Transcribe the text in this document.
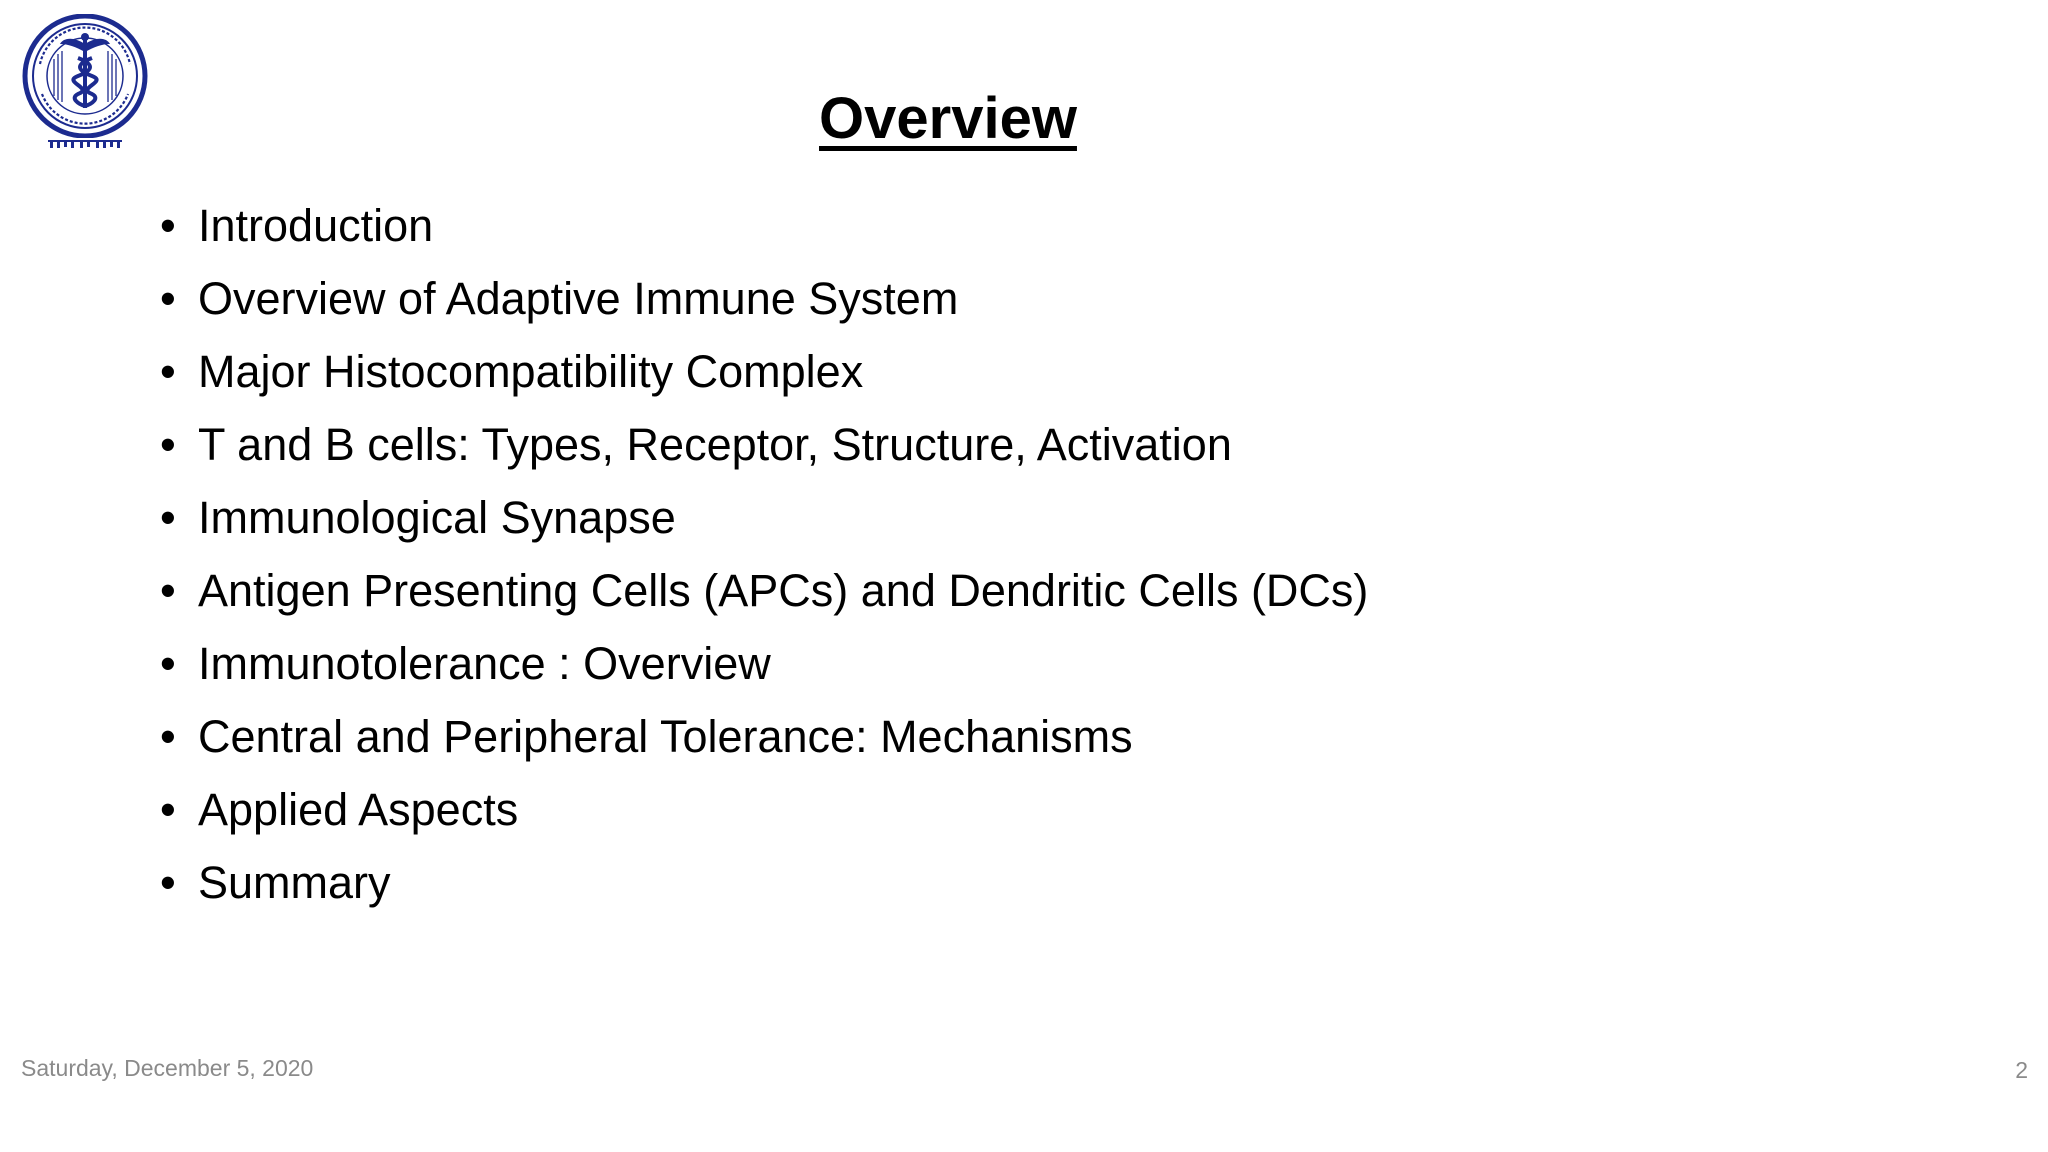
Overview
• Introduction
• Overview of Adaptive Immune System
• Major Histocompatibility Complex
• T and B cells: Types, Receptor, Structure, Activation
• Immunological Synapse
• Antigen Presenting Cells (APCs) and Dendritic Cells (DCs)
• Immunotolerance : Overview
• Central and Peripheral Tolerance: Mechanisms
• Applied Aspects
• Summary
Saturday, December 5, 2020	2
